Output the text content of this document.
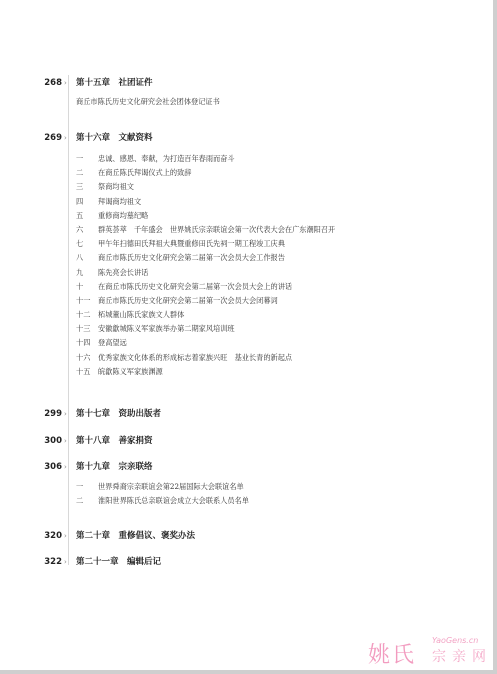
268 › 第十五章　社团证件
商丘市陈氏历史文化研究会社会团体登记证书
269 › 第十六章　文献资料
一 忠诚、感恩、奉献，为打造百年春雨而奋斗
二 在商丘陈氏拜谒仪式上的致辞
三 祭商均祖文
四 拜谒商均祖文
五 重修商均墓纪略
六 群英荟萃　千年盛会　世界姚氏宗亲联谊会第一次代表大会在广东潮阳召开
七 甲午年扫德田氏拜祖大典暨重修田氏先祠一期工程竣工庆典
八 商丘市陈氏历史文化研究会第二届第一次会员大会工作报告
九 陈先亮会长讲话
十 在商丘市陈氏历史文化研究会第二届第一次会员大会上的讲话
十一 商丘市陈氏历史文化研究会第二届第一次会员大会闭幕词
十二 柘城董山陈氏家族文人群体
十三 安徽歙城陈义军家族举办第二期家风培训班
十四 登高望远
十六 优秀家族文化体系的形成标志着家族兴旺　基业长青的新起点
十五 皖歙陈义军家族渊源
299 › 第十七章　资助出版者
300 › 第十八章　善家捐资
306 › 第十九章　宗亲联络
一 世界舜裔宗亲联谊会第22届国际大会联谊名单
二 淮阳世界陈氏总亲联谊会成立大会联系人员名单
320 › 第二十章　重修倡议、褒奖办法
322 › 第二十一章　编辑后记
姚氏
YaoGens.cn
宗亲网
